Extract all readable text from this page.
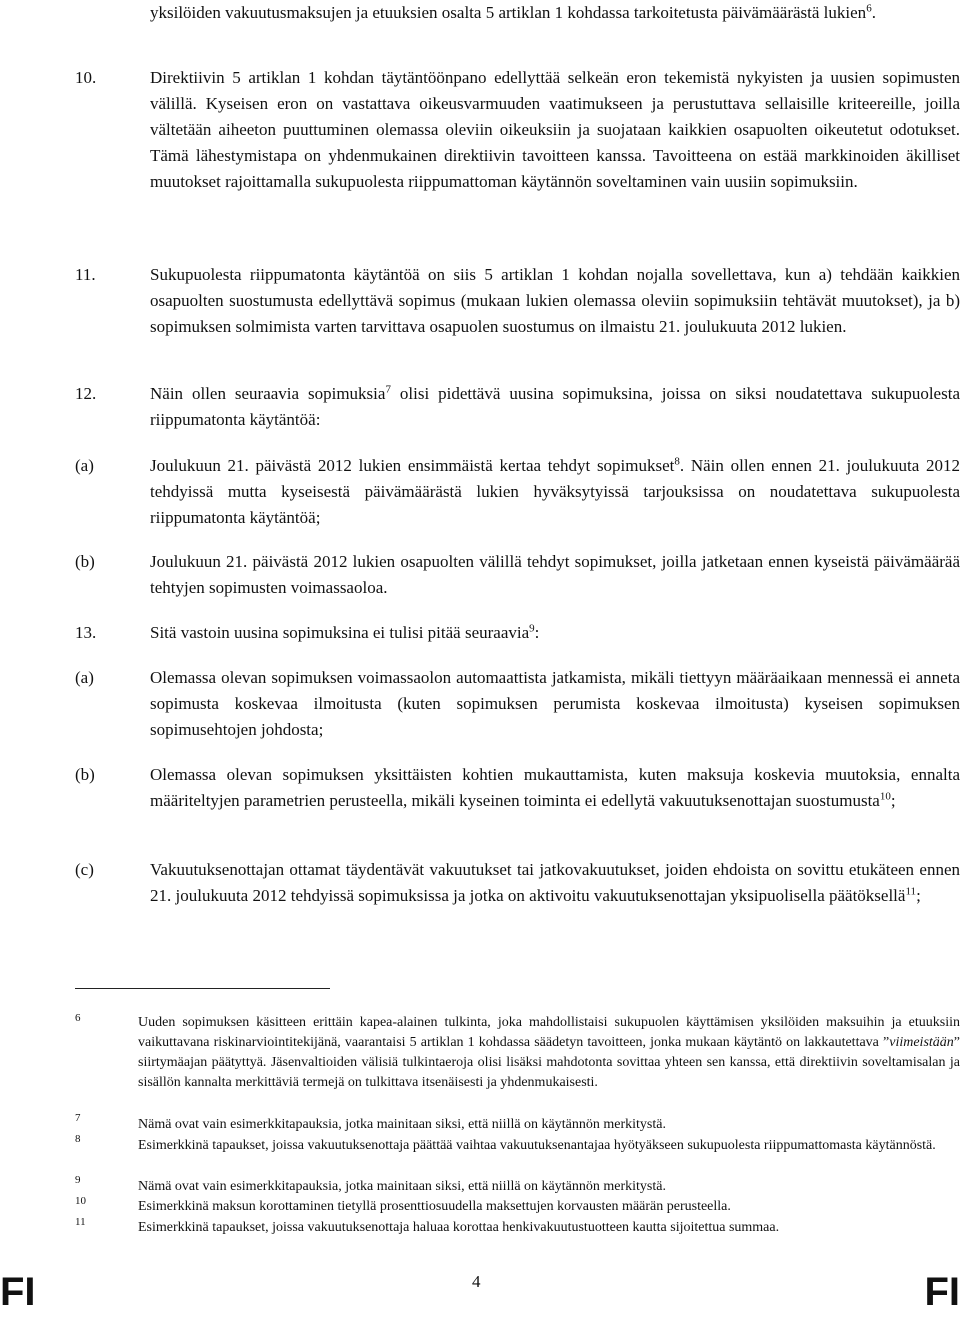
yksilöiden vakuutusmaksujen ja etuuksien osalta 5 artiklan 1 kohdassa tarkoitetusta päivämäärästä lukien$^6$.
10.	Direktiivin 5 artiklan 1 kohdan täytäntöönpano edellyttää selkeän eron tekemistä nykyisten ja uusien sopimusten välillä. Kyseisen eron on vastattava oikeusvarmuuden vaatimukseen ja perustuttava sellaisille kriteereille, joilla vältetään aiheeton puuttuminen olemassa oleviin oikeuksiin ja suojataan kaikkien osapuolten oikeutetut odotukset. Tämä lähestymistapa on yhdenmukainen direktiivin tavoitteen kanssa. Tavoitteena on estää markkinoiden äkilliset muutokset rajoittamalla sukupuolesta riippumattoman käytännön soveltaminen vain uusiin sopimuksiin.
11.	Sukupuolesta riippumatonta käytäntöä on siis 5 artiklan 1 kohdan nojalla sovellettava, kun a) tehdään kaikkien osapuolten suostumusta edellyttävä sopimus (mukaan lukien olemassa oleviin sopimuksiin tehtävät muutokset), ja b) sopimuksen solmimista varten tarvittava osapuolen suostumus on ilmaistu 21. joulukuuta 2012 lukien.
12.	Näin ollen seuraavia sopimuksia$^7$ olisi pidettävä uusina sopimuksina, joissa on siksi noudatettava sukupuolesta riippumatonta käytäntöä:
(a)	Joulukuun 21. päivästä 2012 lukien ensimmäistä kertaa tehdyt sopimukset$^8$. Näin ollen ennen 21. joulukuuta 2012 tehdyissä mutta kyseisestä päivämäärästä lukien hyväksytyissä tarjouksissa on noudatettava sukupuolesta riippumatonta käytäntöä;
(b)	Joulukuun 21. päivästä 2012 lukien osapuolten välillä tehdyt sopimukset, joilla jatketaan ennen kyseistä päivämäärää tehtyjen sopimusten voimassaoloa.
13.	Sitä vastoin uusina sopimuksina ei tulisi pitää seuraavia$^9$:
(a)	Olemassa olevan sopimuksen voimassaolon automaattista jatkamista, mikäli tiettyyn määräaikaan mennessä ei anneta sopimusta koskevaa ilmoitusta (kuten sopimuksen perumista koskevaa ilmoitusta) kyseisen sopimuksen sopimusehtojen johdosta;
(b)	Olemassa olevan sopimuksen yksittäisten kohtien mukauttamista, kuten maksuja koskevia muutoksia, ennalta määriteltyjen parametrien perusteella, mikäli kyseinen toiminta ei edellytä vakuutuksenottajan suostumusta$^{10}$;
(c)	Vakuutuksenottajan ottamat täydentävät vakuutukset tai jatkovakuutukset, joiden ehdoista on sovittu etukäteen ennen 21. joulukuuta 2012 tehdyissä sopimuksissa ja jotka on aktivoitu vakuutuksenottajan yksipuolisella päätöksellä$^{11}$;
6	Uuden sopimuksen käsitteen erittäin kapea-alainen tulkinta, joka mahdollistaisi sukupuolen käyttämisen yksilöiden maksuihin ja etuuksiin vaikuttavana riskinarviointitekijänä, vaarantaisi 5 artiklan 1 kohdassa säädetyn tavoitteen, jonka mukaan käytäntö on lakkautettava ”viimeistään” siirtymäajan päätyttyä. Jäsenvaltioiden välisiä tulkintaeroja olisi lisäksi mahdotonta sovittaa yhteen sen kanssa, että direktiivin soveltamisalan ja sisällön kannalta merkittäviä termejä on tulkittava itsenäisesti ja yhdenmukaisesti.
7	Nämä ovat vain esimerkkitapauksia, jotka mainitaan siksi, että niillä on käytännön merkitystä.
8	Esimerkkinä tapaukset, joissa vakuutuksenottaja päättää vaihtaa vakuutuksenantajaa hyötyäkseen sukupuolesta riippumattomasta käytännöstä.
9	Nämä ovat vain esimerkkitapauksia, jotka mainitaan siksi, että niillä on käytännön merkitystä.
10	Esimerkkinä maksun korottaminen tietyllä prosenttiosuudella maksettujen korvausten määrän perusteella.
11	Esimerkkinä tapaukset, joissa vakuutuksenottaja haluaa korottaa henkivakuutustuotteen kautta sijoitettua summaa.
FI	4	FI
